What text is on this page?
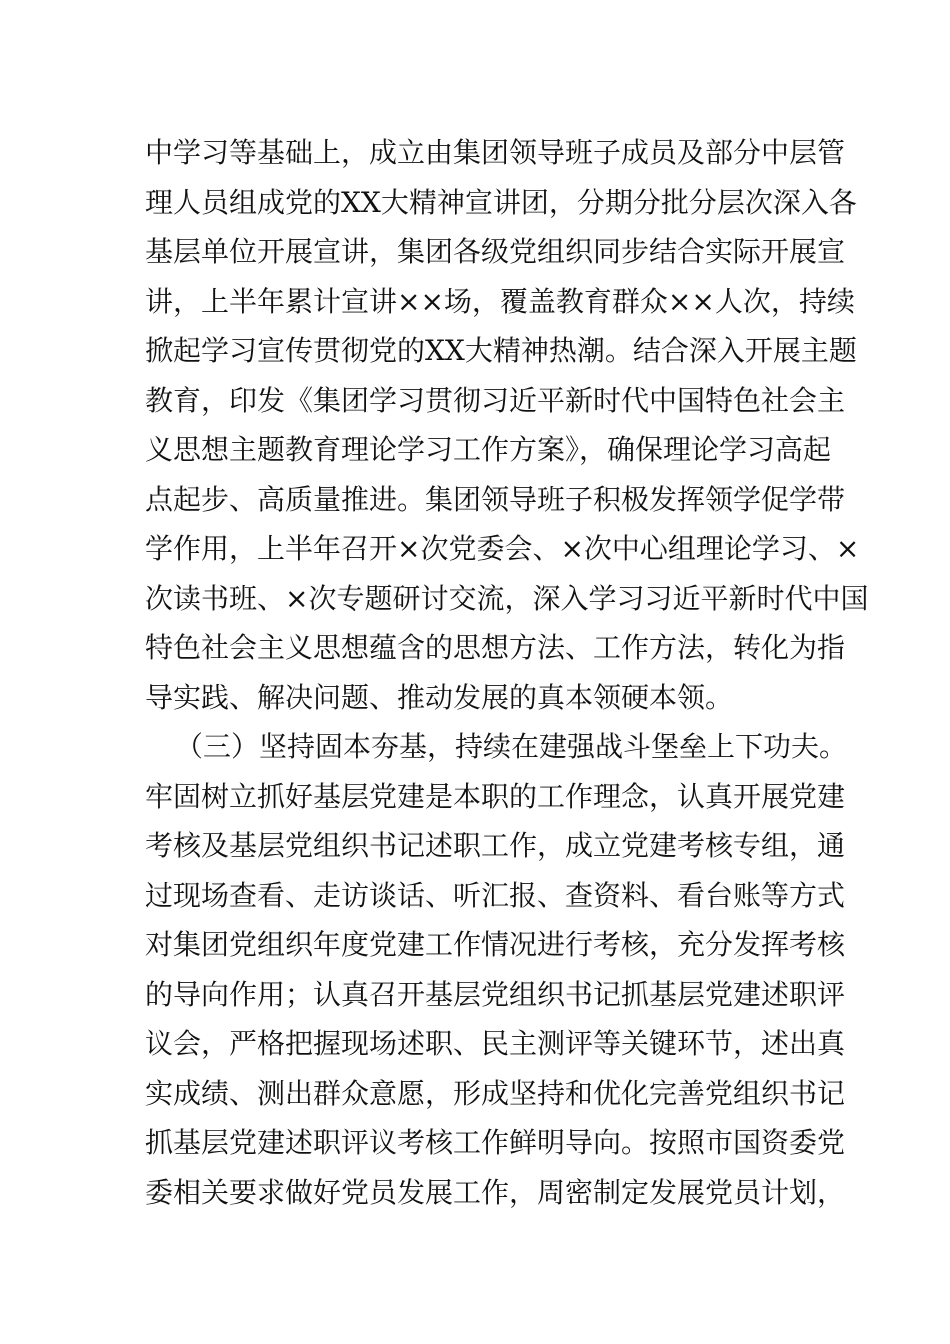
中学习等基础上，成立由集团领导班子成员及部分中层管
理人员组成党的XX大精神宣讲团，分期分批分层次深入各
基层单位开展宣讲，集团各级党组织同步结合实际开展宣
讲，上半年累计宣讲××场，覆盖教育群众××人次，持续
掀起学习宣传贯彻党的XX大精神热潮。结合深入开展主题
教育，印发《集团学习贯彻习近平新时代中国特色社会主
义思想主题教育理论学习工作方案》，确保理论学习高起
点起步、高质量推进。集团领导班子积极发挥领学促学带
学作用，上半年召开×次党委会、×次中心组理论学习、×
次读书班、×次专题研讨交流，深入学习习近平新时代中国
特色社会主义思想蕴含的思想方法、工作方法，转化为指
导实践、解决问题、推动发展的真本领硬本领。
（三）坚持固本夯基，持续在建强战斗堡垒上下功夫。
牢固树立抓好基层党建是本职的工作理念，认真开展党建
考核及基层党组织书记述职工作，成立党建考核专组，通
过现场查看、走访谈话、听汇报、查资料、看台账等方式
对集团党组织年度党建工作情况进行考核，充分发挥考核
的导向作用；认真召开基层党组织书记抓基层党建述职评
议会，严格把握现场述职、民主测评等关键环节，述出真
实成绩、测出群众意愿，形成坚持和优化完善党组织书记
抓基层党建述职评议考核工作鲜明导向。按照市国资委党
委相关要求做好党员发展工作，周密制定发展党员计划，
